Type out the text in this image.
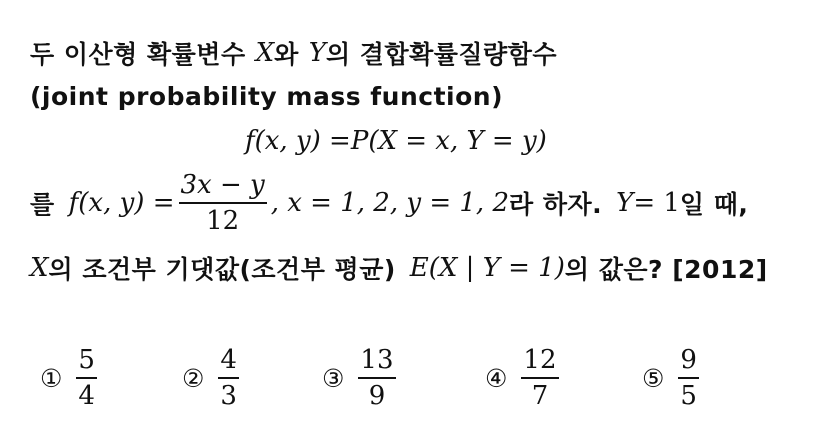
두 이산형 확률변수 X 와 Y 의 결합확률질량함수
(joint probability mass function)
f (x, y) = P (X = x, Y = y)
를 f (x, $y) = \frac{3x - y}{12}$ , x = 1, 2, y = 1, 2 라 하자. Y = 1 일 때,
X 의 조건부 기댓값(조건부 평균) E (X | Y = 1) 의 값은? [2012]
① $\frac{5}{4}$	② $\frac{4}{3}$	③ $\frac{13}{9}$	④ $\frac{12}{7}$	⑤ $\frac{9}{5}$
